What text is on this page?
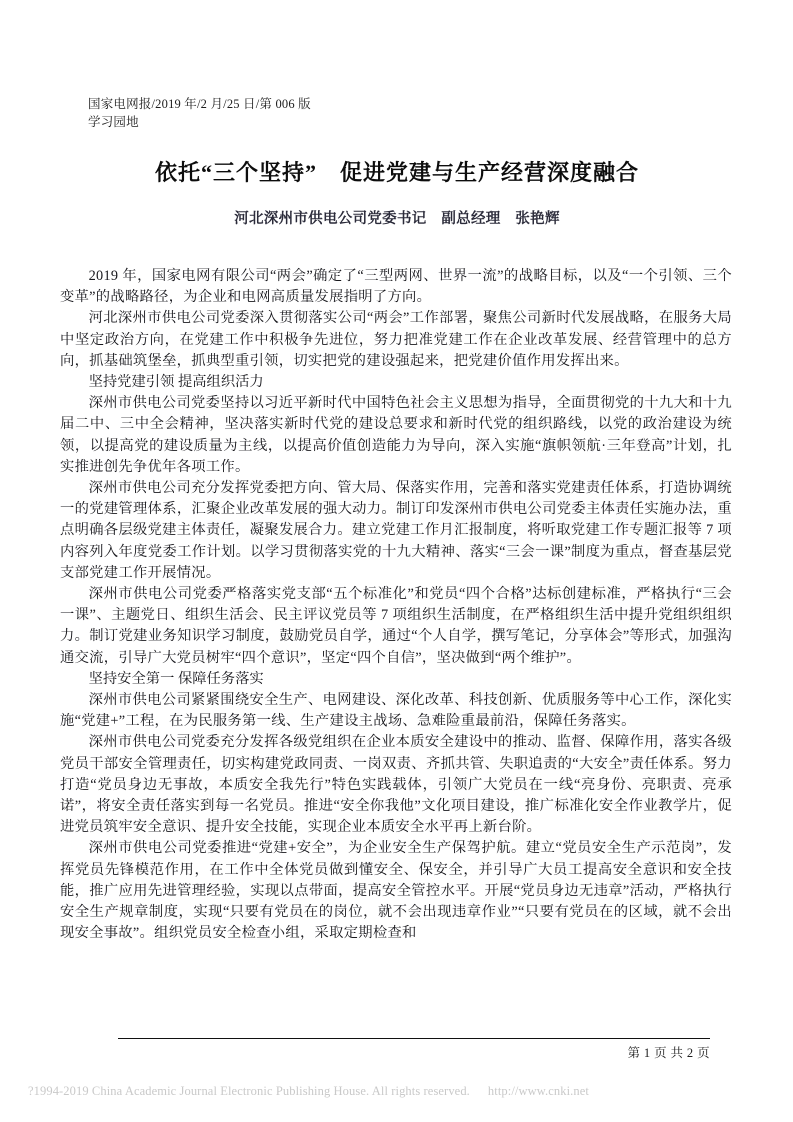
国家电网报/2019 年/2 月/25 日/第 006 版
学习园地
依托“三个坚持”　促进党建与生产经营深度融合
河北深州市供电公司党委书记　副总经理　张艳辉

2019 年，国家电网有限公司“两会”确定了“三型两网、世界一流”的战略目标，以及“一个引领、三个变革”的战略路径，为企业和电网高质量发展指明了方向。

河北深州市供电公司党委深入贯彻落实公司“两会”工作部署，聚焦公司新时代发展战略，在服务大局中坚定政治方向，在党建工作中积极争先进位，努力把准党建工作在企业改革发展、经营管理中的总方向，抓基础筑堡垒，抓典型重引领，切实把党的建设强起来，把党建价值作用发挥出来。

坚持党建引领 提高组织活力

深州市供电公司党委坚持以习近平新时代中国特色社会主义思想为指导，全面贯彻党的十九大和十九届二中、三中全会精神，坚决落实新时代党的建设总要求和新时代党的组织路线，以党的政治建设为统领，以提高党的建设质量为主线，以提高价值创造能力为导向，深入实施“旗帜领航·三年登高”计划，扎实推进创先争优年各项工作。

深州市供电公司充分发挥党委把方向、管大局、保落实作用，完善和落实党建责任体系，打造协调统一的党建管理体系，汇聚企业改革发展的强大动力。制订印发深州市供电公司党委主体责任实施办法，重点明确各层级党建主体责任，凝聚发展合力。建立党建工作月汇报制度，将听取党建工作专题汇报等 7 项内容列入年度党委工作计划。以学习贯彻落实党的十九大精神、落实“三会一课”制度为重点，督查基层党支部党建工作开展情况。

深州市供电公司党委严格落实党支部“五个标准化”和党员“四个合格”达标创建标准，严格执行“三会一课”、主题党日、组织生活会、民主评议党员等 7 项组织生活制度，在严格组织生活中提升党组织组织力。制订党建业务知识学习制度，鼓励党员自学，通过“个人自学，撰写笔记，分享体会”等形式，加强沟通交流，引导广大党员树牢“四个意识”，坚定“四个自信”，坚决做到“两个维护”。

坚持安全第一 保障任务落实

深州市供电公司紧紧围绕安全生产、电网建设、深化改革、科技创新、优质服务等中心工作，深化实施“党建+”工程，在为民服务第一线、生产建设主战场、急难险重最前沿，保障任务落实。

深州市供电公司党委充分发挥各级党组织在企业本质安全建设中的推动、监督、保障作用，落实各级党员干部安全管理责任，切实构建党政同责、一岗双责、齐抓共管、失职追责的“大安全”责任体系。努力打造“党员身边无事故，本质安全我先行”特色实践载体，引领广大党员在一线“亮身份、亮职责、亮承诺”，将安全责任落实到每一名党员。推进“安全你我他”文化项目建设，推广标准化安全作业教学片，促进党员筑牢安全意识、提升安全技能，实现企业本质安全水平再上新台阶。

深州市供电公司党委推进“党建+安全”，为企业安全生产保驾护航。建立“党员安全生产示范岗”，发挥党员先锋模范作用，在工作中全体党员做到懂安全、保安全，并引导广大员工提高安全意识和安全技能，推广应用先进管理经验，实现以点带面，提高安全管控水平。开展“党员身边无违章”活动，严格执行安全生产规章制度，实现“只要有党员在的岗位，就不会出现违章作业”“只要有党员在的区域，就不会出现安全事故”。组织党员安全检查小组，采取定期检查和

第 1 页 共 2 页
?1994-2019 China Academic Journal Electronic Publishing House. All rights reserved. http://www.cnki.net
